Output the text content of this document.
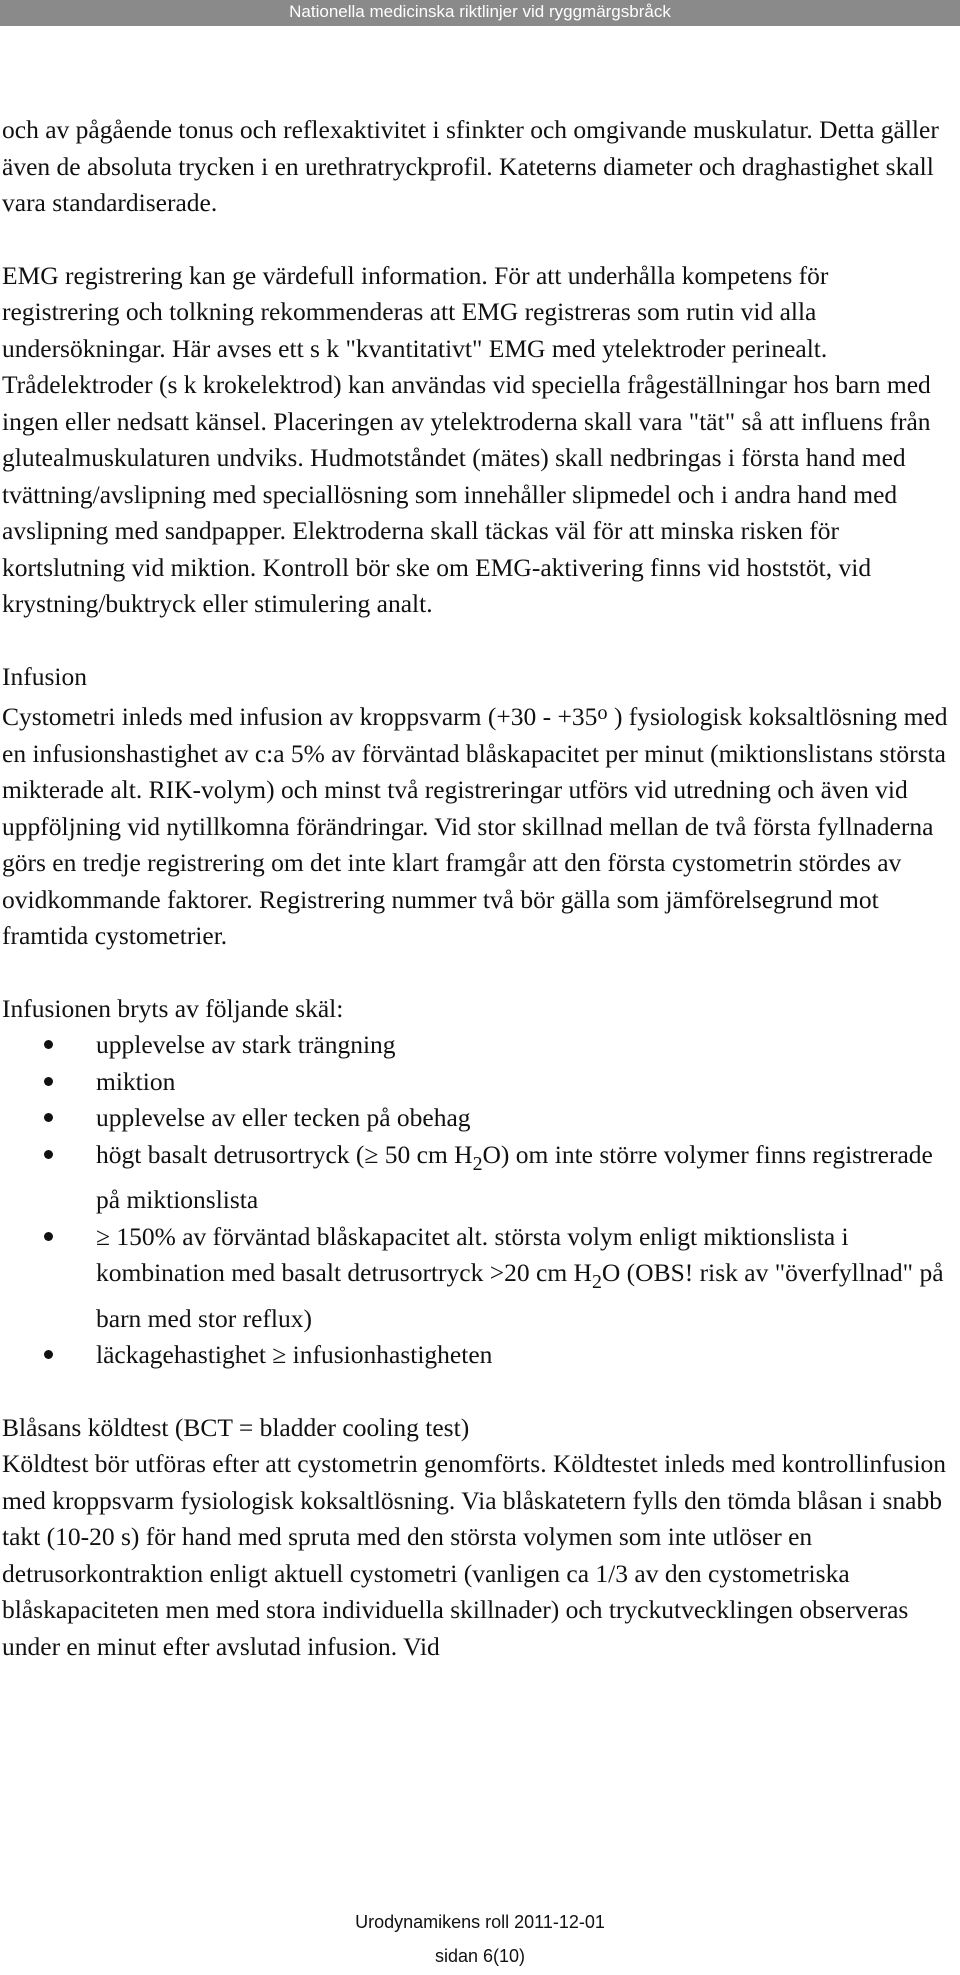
Nationella medicinska riktlinjer vid ryggmärgsbråck

och av pågående tonus och reflexaktivitet i sfinkter och omgivande muskulatur. Detta gäller även de absoluta trycken i en urethratryckprofil. Kateterns diameter och draghastighet skall vara standardiserade.

EMG registrering kan ge värdefull information. För att underhålla kompetens för registrering och tolkning rekommenderas att EMG registreras som rutin vid alla undersökningar. Här avses ett s k "kvantitativt" EMG med ytelektroder perinealt. Trådelektroder (s k krokelektrod) kan användas vid speciella frågeställningar hos barn med ingen eller nedsatt känsel. Placeringen av ytelektroderna skall vara "tät" så att influens från glutealmuskulaturen undviks. Hudmotståndet (mätes) skall nedbringas i första hand med tvättning/avslipning med speciallösning som innehåller slipmedel och i andra hand med avslipning med sandpapper. Elektroderna skall täckas väl för att minska risken för kortslutning vid miktion. Kontroll bör ske om EMG-aktivering finns vid hoststöt, vid krystning/buktryck eller stimulering analt.

Infusion

Cystometri inleds med infusion av kroppsvarm ($+30 - +35^o$ ) fysiologisk koksaltlösning med en infusionshastighet av c:a 5% av förväntad blåskapacitet per minut (miktionslistans största mikterade alt. RIK-volym) och minst två registreringar utförs vid utredning och även vid uppföljning vid nytillkomna förändringar. Vid stor skillnad mellan de två första fyllnaderna görs en tredje registrering om det inte klart framgår att den första cystometrin stördes av ovidkommande faktorer. Registrering nummer två bör gälla som jämförelsegrund mot framtida cystometrier.

Infusionen bryts av följande skäl:

upplevelse av stark trängning
miktion
upplevelse av eller tecken på obehag
högt basalt detrusortryck (≥ 50 cm $H_2O$) om inte större volymer finns registrerade på miktionslista
≥ 150% av förväntad blåskapacitet alt. största volym enligt miktionslista i kombination med basalt detrusortryck >20 cm $H_2O$ (OBS! risk av "överfyllnad" på barn med stor reflux)
läckagehastighet ≥ infusionhastigheten

Blåsans köldtest (BCT = bladder cooling test)

Köldtest bör utföras efter att cystometrin genomförts. Köldtestet inleds med kontrollinfusion med kroppsvarm fysiologisk koksaltlösning. Via blåskatetern fylls den tömda blåsan i snabb takt (10-20 s) för hand med spruta med den största volymen som inte utlöser en detrusorkontraktion enligt aktuell cystometri (vanligen ca 1/3 av den cystometriska blåskapaciteten men med stora individuella skillnader) och tryckutvecklingen observeras under en minut efter avslutad infusion. Vid

Urodynamikens roll 2011-12-01
sidan 6(10)
